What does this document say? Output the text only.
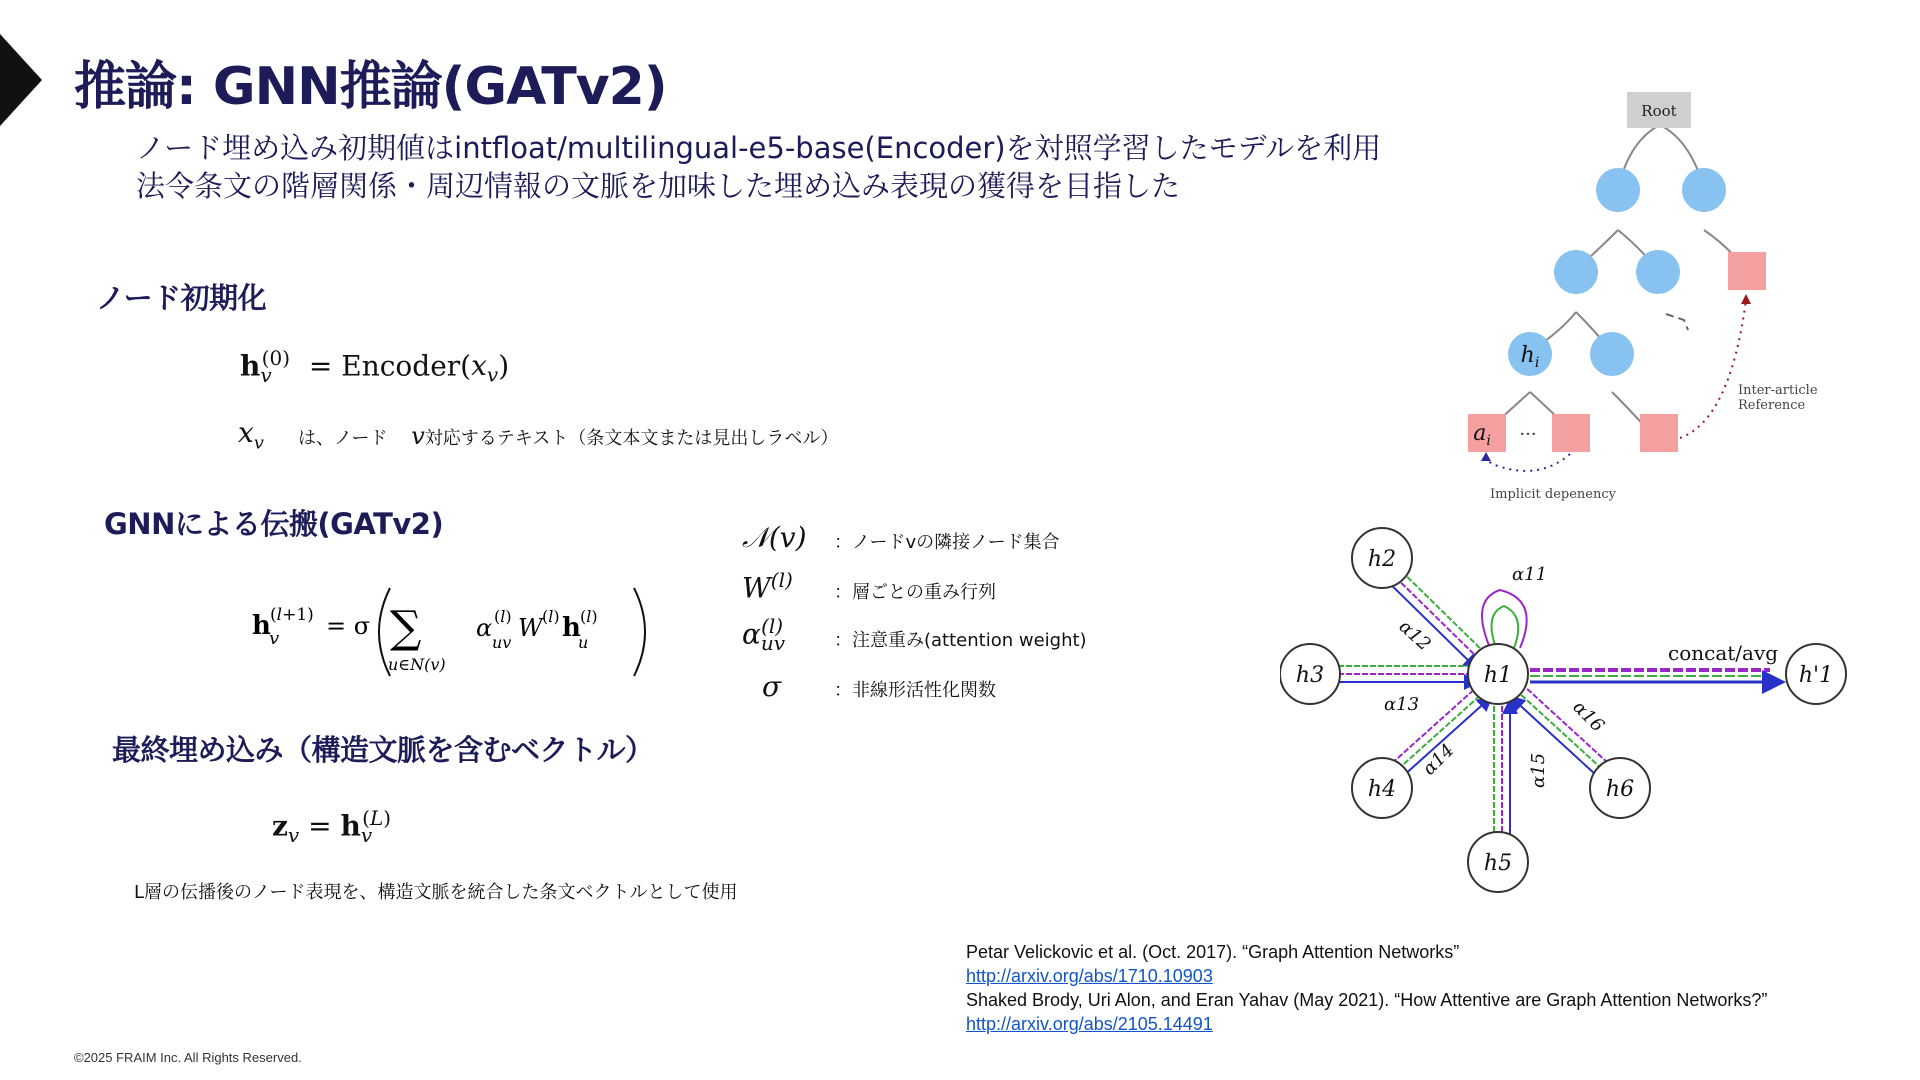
推論: GNN推論(GATv2)
ノード埋め込み初期値はintfloat/multilingual-e5-base(Encoder)を対照学習したモデルを利用
法令条文の階層関係・周辺情報の文脈を加味した埋め込み表現の獲得を目指した
ノード初期化
$h_v^{(0)}$ = $Encoder(x_v)$
$x_v$ は、ノード v対応するテキスト（条文本文または見出しラベル）
GNNによる伝搬(GATv2)
h
v
(l+1) = σ ∑
u∈N(v)
α
uv
(l) W (l) h
u
(l)
𝒩(v) ：ノードvの隣接ノード集合
$W^{(l)}$
：層ごとの重み行列
$\alpha_{uv}^{(l)}$
：注意重み(attention weight)
σ	：非線形活性化関数
最終埋め込み（構造文脈を含むベクトル）
$z_v = h_v^{(L)}$
L層の伝播後のノード表現を、構造文脈を統合した条文ベクトルとして使用
Root
$h_i$
$a_i$ ···
Inter-article
Reference
Implicit depenency
h2
h3
h4
h5
h6
h1	h'1
α11
α12
α13
α14	α15
α16
concat/avg
Petar Velickovic et al. (Oct. 2017). “Graph Attention Networks”
http://arxiv.org/abs/1710.10903
Shaked Brody, Uri Alon, and Eran Yahav (May 2021). “How Attentive are Graph Attention Networks?”
http://arxiv.org/abs/2105.14491
©2025 FRAIM Inc. All Rights Reserved.
